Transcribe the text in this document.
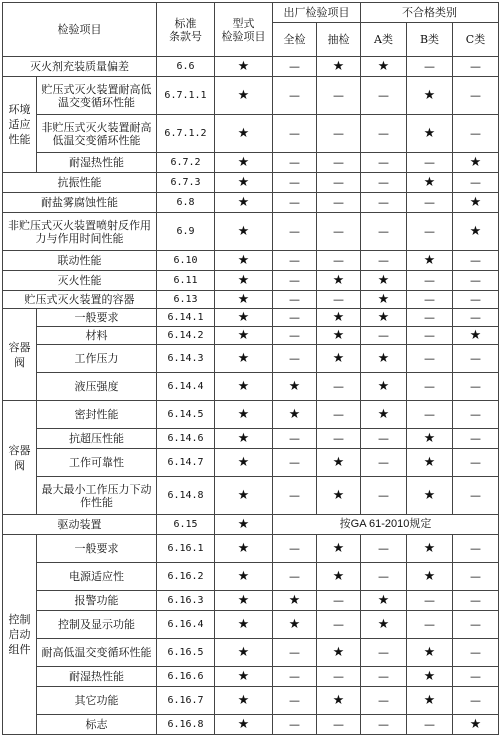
检验项目		标准
条款号	型式
检验项目	出厂检验项目		不合格类别		
				全检	抽检	A类	B类	C类
灭火剂充装质量偏差		6.6	★	—	★	★	—	—
环境
适应
性能	贮压式灭火装置耐高低温交变循环性能	6.7.1.1	★	—	—	—	★	—
	非贮压式灭火装置耐高低温交变循环性能	6.7.1.2	★	—	—	—	★	—
	耐湿热性能	6.7.2	★	—	—	—	—	★
抗振性能		6.7.3	★	—	—	—	★	—
耐盐雾腐蚀性能		6.8	★	—	—	—	—	★
非贮压式灭火装置喷射反作用力与作用时间性能		6.9	★	—	—	—	—	★
联动性能		6.10	★	—	—	—	★	—
灭火性能		6.11	★	—	★	★	—	—
贮压式灭火装置的容器		6.13	★	—	—	★	—	—
容器
阀	一般要求	6.14.1	★	—	★	★	—	—
	材料	6.14.2	★	—	★	—	—	★
	工作压力	6.14.3	★	—	★	★	—	—
	液压强度	6.14.4	★	★	—	★	—	—
容器
阀	密封性能	6.14.5	★	★	—	★	—	—
	抗超压性能	6.14.6	★	—	—	—	★	—
	工作可靠性	6.14.7	★	—	★	—	★	—
	最大最小工作压力下动作性能	6.14.8	★	—	★	—	★	—
驱动装置		6.15	★	按GA 61-2010规定				
控制
启动
组件	一般要求	6.16.1	★	—	★	—	★	—
	电源适应性	6.16.2	★	—	★	—	★	—
	报警功能	6.16.3	★	★	—	★	—	—
	控制及显示功能	6.16.4	★	★	—	★	—	—
	耐高低温交变循环性能	6.16.5	★	—	★	—	★	—
	耐湿热性能	6.16.6	★	—	—	—	★	—
	其它功能	6.16.7	★	—	★	—	★	—
	标志	6.16.8	★	—	—	—	—	★
